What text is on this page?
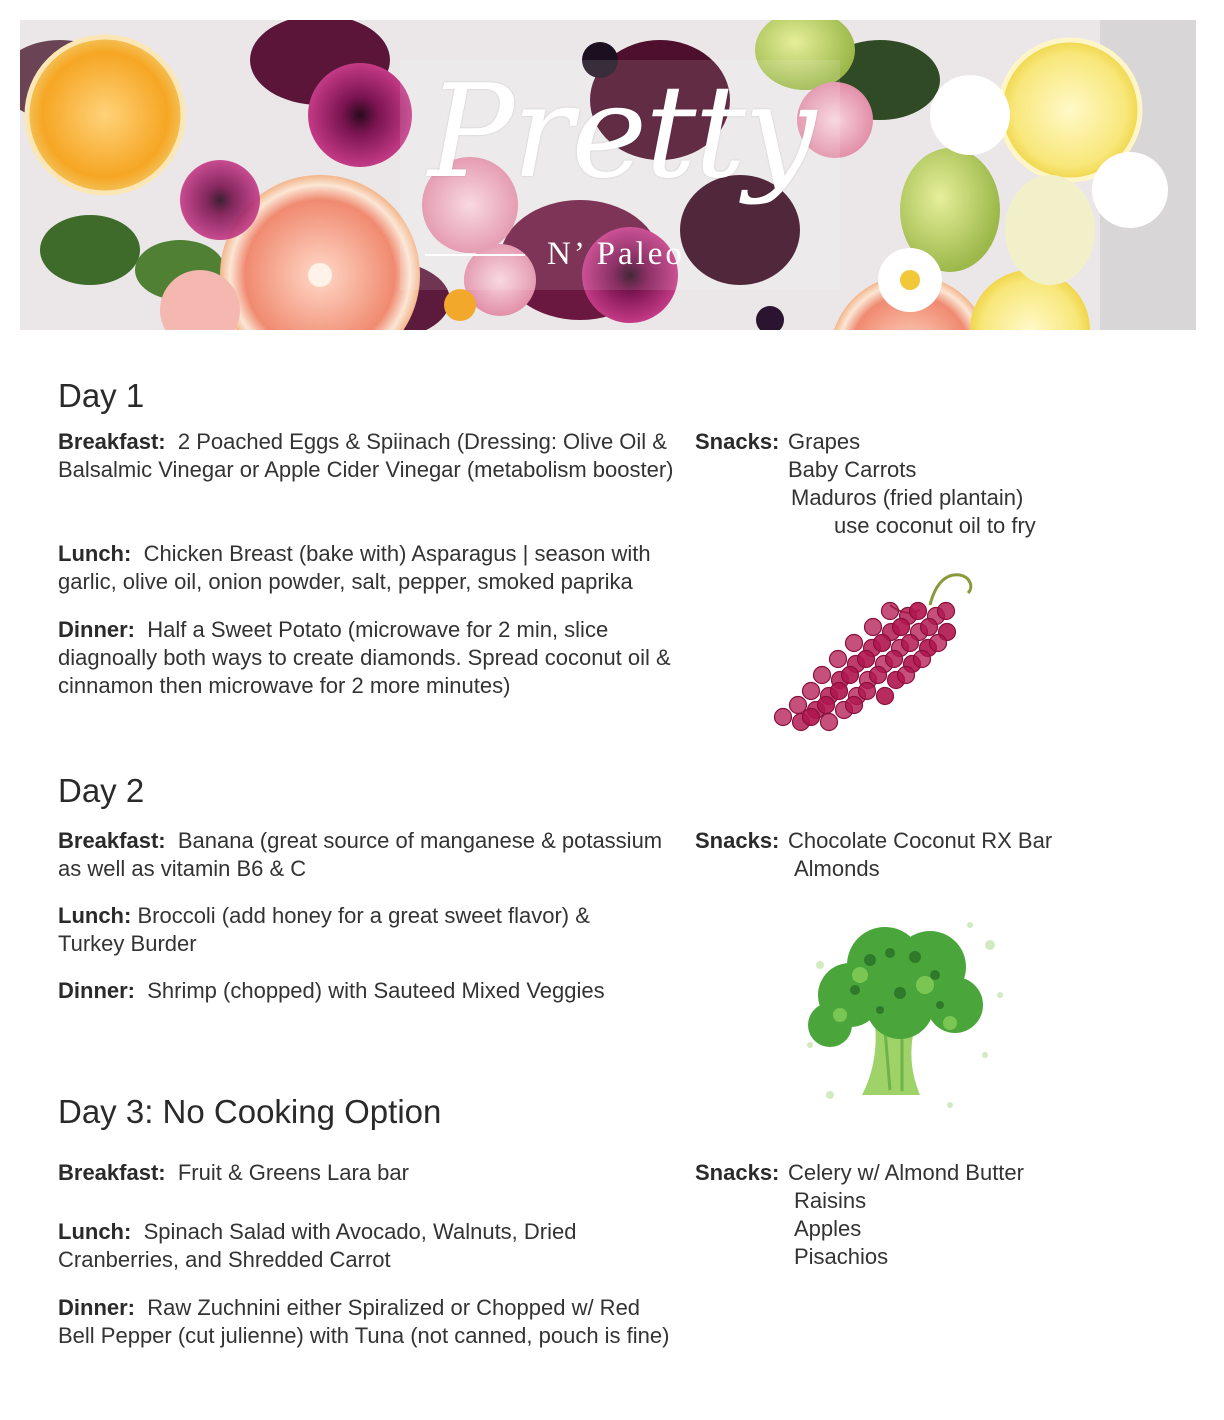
Pretty
N’ Paleo
Day 1
Breakfast: 2 Poached Eggs & Spiinach (Dressing: Olive Oil & Balsalmic Vinegar or Apple Cider Vinegar (metabolism booster)
Lunch: Chicken Breast (bake with) Asparagus | season with garlic, olive oil, onion powder, salt, pepper, smoked paprika
Dinner: Half a Sweet Potato (microwave for 2 min, slice diagnoally both ways to create diamonds. Spread coconut oil & cinnamon then microwave for 2 more minutes)
Snacks: Grapes
Baby Carrots
Maduros (fried plantain)
use coconut oil to fry
Day 2
Breakfast: Banana (great source of manganese & potassium as well as vitamin B6 & C
Lunch: Broccoli (add honey for a great sweet flavor) & Turkey Burder
Dinner: Shrimp (chopped) with Sauteed Mixed Veggies
Snacks: Chocolate Coconut RX Bar
Almonds
Day 3: No Cooking Option
Breakfast: Fruit & Greens Lara bar
Lunch: Spinach Salad with Avocado, Walnuts, Dried Cranberries, and Shredded Carrot
Dinner: Raw Zuchnini either Spiralized or Chopped w/ Red Bell Pepper (cut julienne) with Tuna (not canned, pouch is fine)
Snacks: Celery w/ Almond Butter
Raisins
Apples
Pisachios
